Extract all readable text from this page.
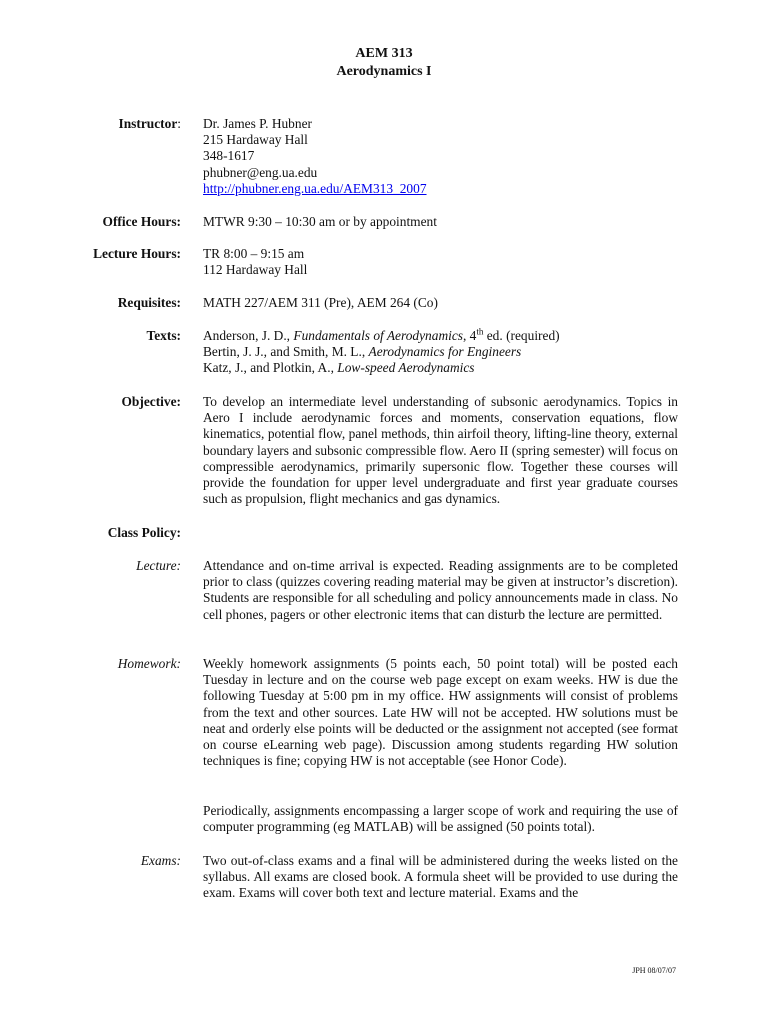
AEM 313
Aerodynamics I
Instructor: Dr. James P. Hubner
215 Hardaway Hall
348-1617
phubner@eng.ua.edu
http://phubner.eng.ua.edu/AEM313_2007
Office Hours: MTWR 9:30 – 10:30 am or by appointment
Lecture Hours: TR 8:00 – 9:15 am
112 Hardaway Hall
Requisites: MATH 227/AEM 311 (Pre), AEM 264 (Co)
Texts: Anderson, J. D., Fundamentals of Aerodynamics, 4th ed. (required)
Bertin, J. J., and Smith, M. L., Aerodynamics for Engineers
Katz, J., and Plotkin, A., Low-speed Aerodynamics
Objective: To develop an intermediate level understanding of subsonic aerodynamics. Topics in Aero I include aerodynamic forces and moments, conservation equations, flow kinematics, potential flow, panel methods, thin airfoil theory, lifting-line theory, external boundary layers and subsonic compressible flow. Aero II (spring semester) will focus on compressible aerodynamics, primarily supersonic flow. Together these courses will provide the foundation for upper level undergraduate and first year graduate courses such as propulsion, flight mechanics and gas dynamics.
Class Policy:
Lecture: Attendance and on-time arrival is expected. Reading assignments are to be completed prior to class (quizzes covering reading material may be given at instructor’s discretion). Students are responsible for all scheduling and policy announcements made in class. No cell phones, pagers or other electronic items that can disturb the lecture are permitted.
Homework: Weekly homework assignments (5 points each, 50 point total) will be posted each Tuesday in lecture and on the course web page except on exam weeks. HW is due the following Tuesday at 5:00 pm in my office. HW assignments will consist of problems from the text and other sources. Late HW will not be accepted. HW solutions must be neat and orderly else points will be deducted or the assignment not accepted (see format on course eLearning web page). Discussion among students regarding HW solution techniques is fine; copying HW is not acceptable (see Honor Code).
Periodically, assignments encompassing a larger scope of work and requiring the use of computer programming (eg MATLAB) will be assigned (50 points total).
Exams: Two out-of-class exams and a final will be administered during the weeks listed on the syllabus. All exams are closed book. A formula sheet will be provided to use during the exam. Exams will cover both text and lecture material. Exams and the
JPH 08/07/07
